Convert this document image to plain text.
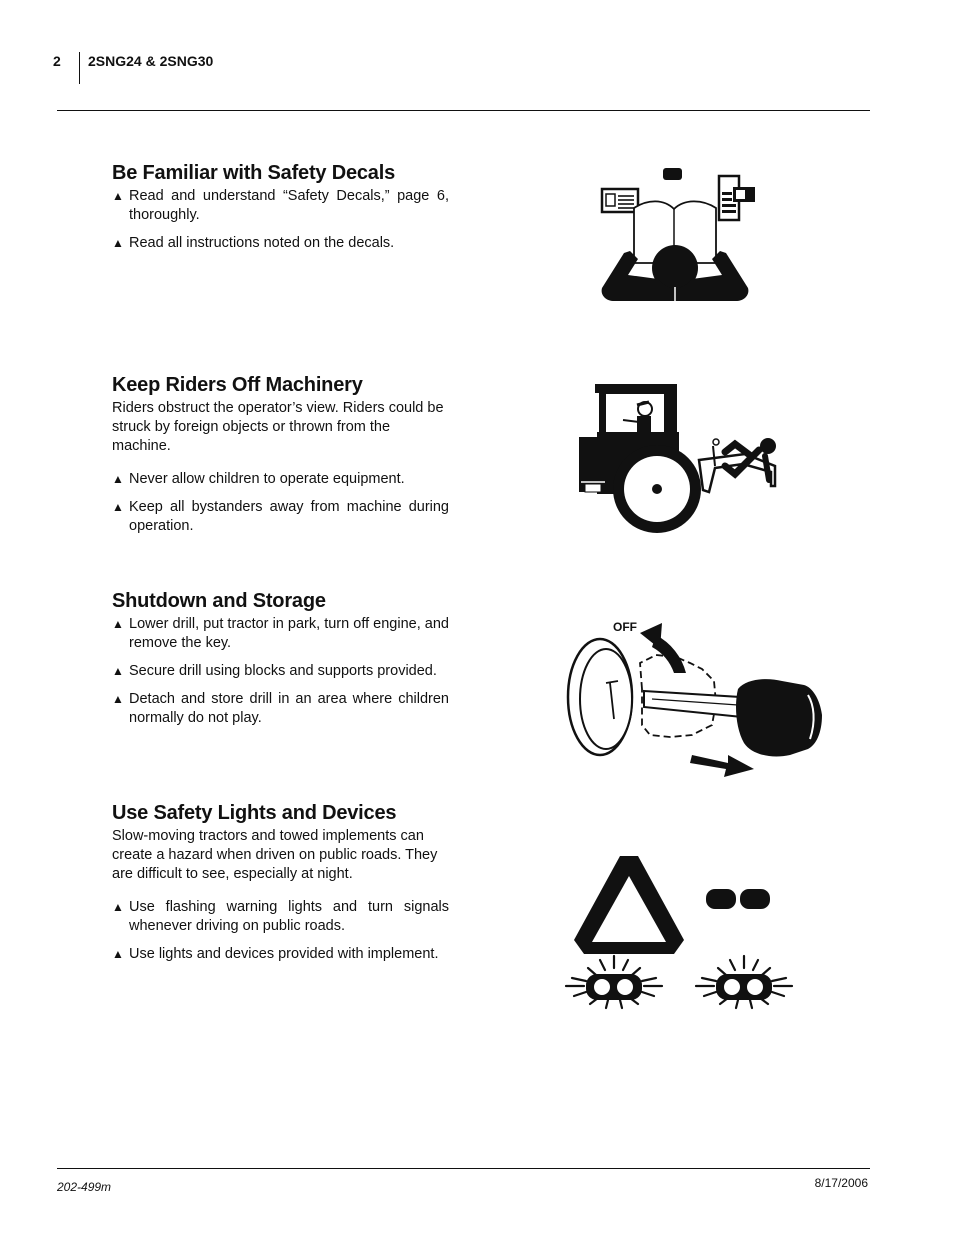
2 2SNG24 & 2SNG30
Be Familiar with Safety Decals
▲ Read and understand “Safety Decals,” page 6, thoroughly.
▲ Read all instructions noted on the decals.
Keep Riders Off Machinery

Riders obstruct the operator’s view. Riders could be struck by foreign objects or thrown from the machine.

▲ Never allow children to operate equipment.
▲ Keep all bystanders away from machine during operation.
Shutdown and Storage
▲ Lower drill, put tractor in park, turn off engine, and remove the key.
▲ Secure drill using blocks and supports provided.
▲ Detach and store drill in an area where children normally do not play.
Use Safety Lights and Devices

Slow-moving tractors and towed implements can create a hazard when driven on public roads. They are difficult to see, especially at night.

▲ Use flashing warning lights and turn signals whenever driving on public roads.
▲ Use lights and devices provided with implement.
OFF
202-499m	8/17/2006
